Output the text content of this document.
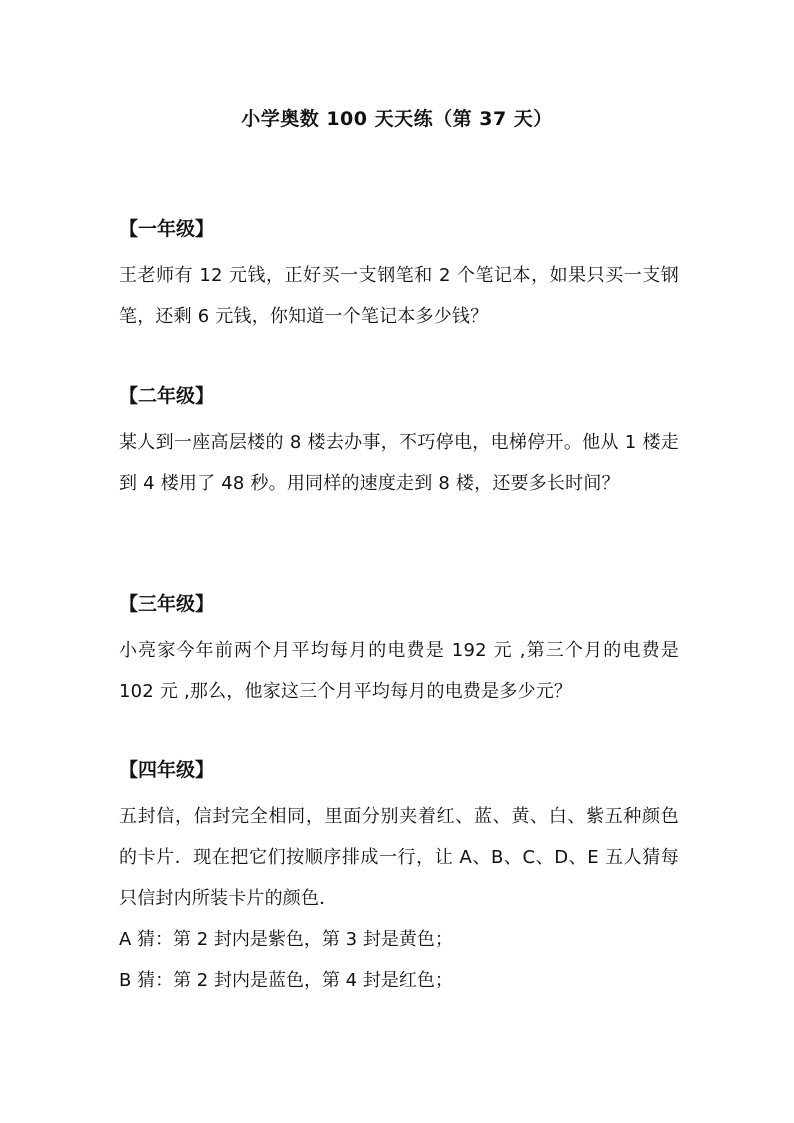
小学奥数 100 天天练（第 37 天）
【一年级】
王老师有 12 元钱，正好买一支钢笔和 2 个笔记本，如果只买一支钢笔，还剩 6 元钱，你知道一个笔记本多少钱？
【二年级】
某人到一座高层楼的 8 楼去办事，不巧停电，电梯停开。他从 1 楼走到 4 楼用了 48 秒。用同样的速度走到 8 楼，还要多长时间？
【三年级】
小亮家今年前两个月平均每月的电费是 192 元 ,第三个月的电费是 102 元 ,那么，他家这三个月平均每月的电费是多少元？
【四年级】
五封信，信封完全相同，里面分别夹着红、蓝、黄、白、紫五种颜色的卡片．现在把它们按顺序排成一行，让 A、B、C、D、E 五人猜每只信封内所装卡片的颜色．
A 猜：第 2 封内是紫色，第 3 封是黄色；
B 猜：第 2 封内是蓝色，第 4 封是红色；
